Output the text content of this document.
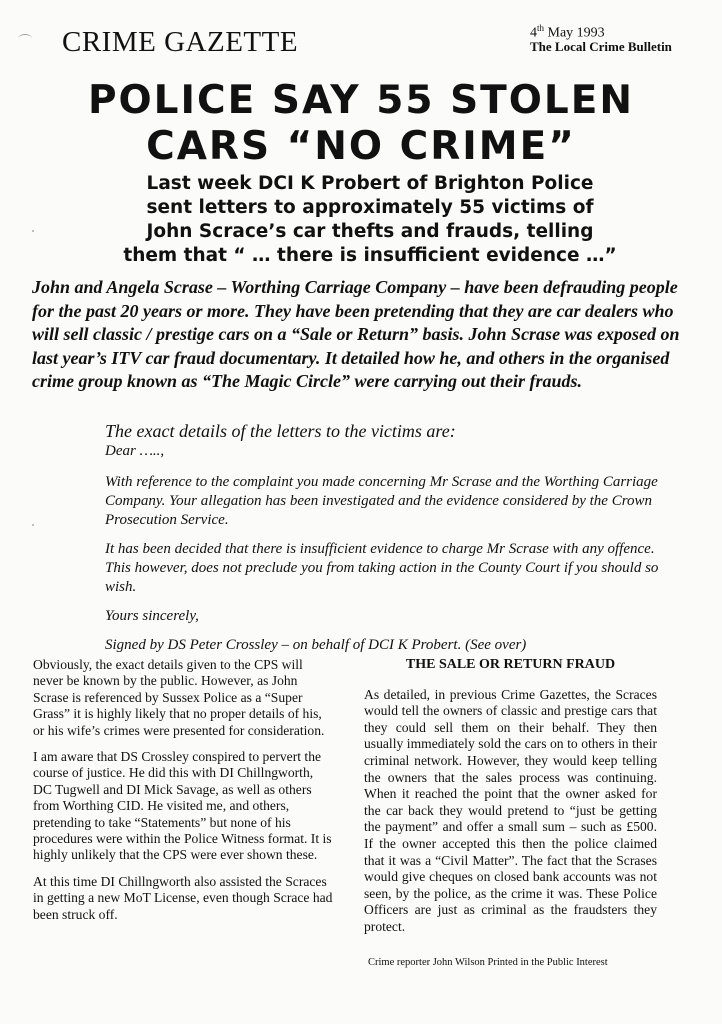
CRIME GAZETTE	4th May 1993
The Local Crime Bulletin
POLICE SAY 55 STOLEN
CARS “NO CRIME”
Last week DCI K Probert of Brighton Police
sent letters to approximately 55 victims of
John Scrace’s car thefts and frauds, telling
them that “ … there is insufficient evidence …”
John and Angela Scrase – Worthing Carriage Company – have been defrauding people for the past 20 years or more. They have been pretending that they are car dealers who will sell classic / prestige cars on a “Sale or Return” basis. John Scrase was exposed on last year’s ITV car fraud documentary. It detailed how he, and others in the organised crime group known as “The Magic Circle” were carrying out their frauds.

The exact details of the letters to the victims are:

Dear …..,

With reference to the complaint you made concerning Mr Scrase and the Worthing Carriage Company. Your allegation has been investigated and the evidence considered by the Crown Prosecution Service.

It has been decided that there is insufficient evidence to charge Mr Scrase with any offence. This however, does not preclude you from taking action in the County Court if you should so wish.

Yours sincerely,

Signed by DS Peter Crossley – on behalf of DCI K Probert. (See over)

Obviously, the exact details given to the CPS will never be known by the public. However, as John Scrase is referenced by Sussex Police as a “Super Grass” it is highly likely that no proper details of his, or his wife’s crimes were presented for consideration.

I am aware that DS Crossley conspired to pervert the course of justice. He did this with DI Chillngworth, DC Tugwell and DI Mick Savage, as well as others from Worthing CID. He visited me, and others, pretending to take “Statements” but none of his procedures were within the Police Witness format. It is highly unlikely that the CPS were ever shown these.

At this time DI Chillngworth also assisted the Scraces in getting a new MoT License, even though Scrace had been struck off.

THE SALE OR RETURN FRAUD

As detailed, in previous Crime Gazettes, the Scraces would tell the owners of classic and prestige cars that they could sell them on their behalf. They then usually immediately sold the cars on to others in their criminal network. However, they would keep telling the owners that the sales process was continuing. When it reached the point that the owner asked for the car back they would pretend to “just be getting the payment” and offer a small sum – such as £500. If the owner accepted this then the police claimed that it was a “Civil Matter”. The fact that the Scrases would give cheques on closed bank accounts was not seen, by the police, as the crime it was. These Police Officers are just as criminal as the fraudsters they protect.

Crime reporter John Wilson Printed in the Public Interest
